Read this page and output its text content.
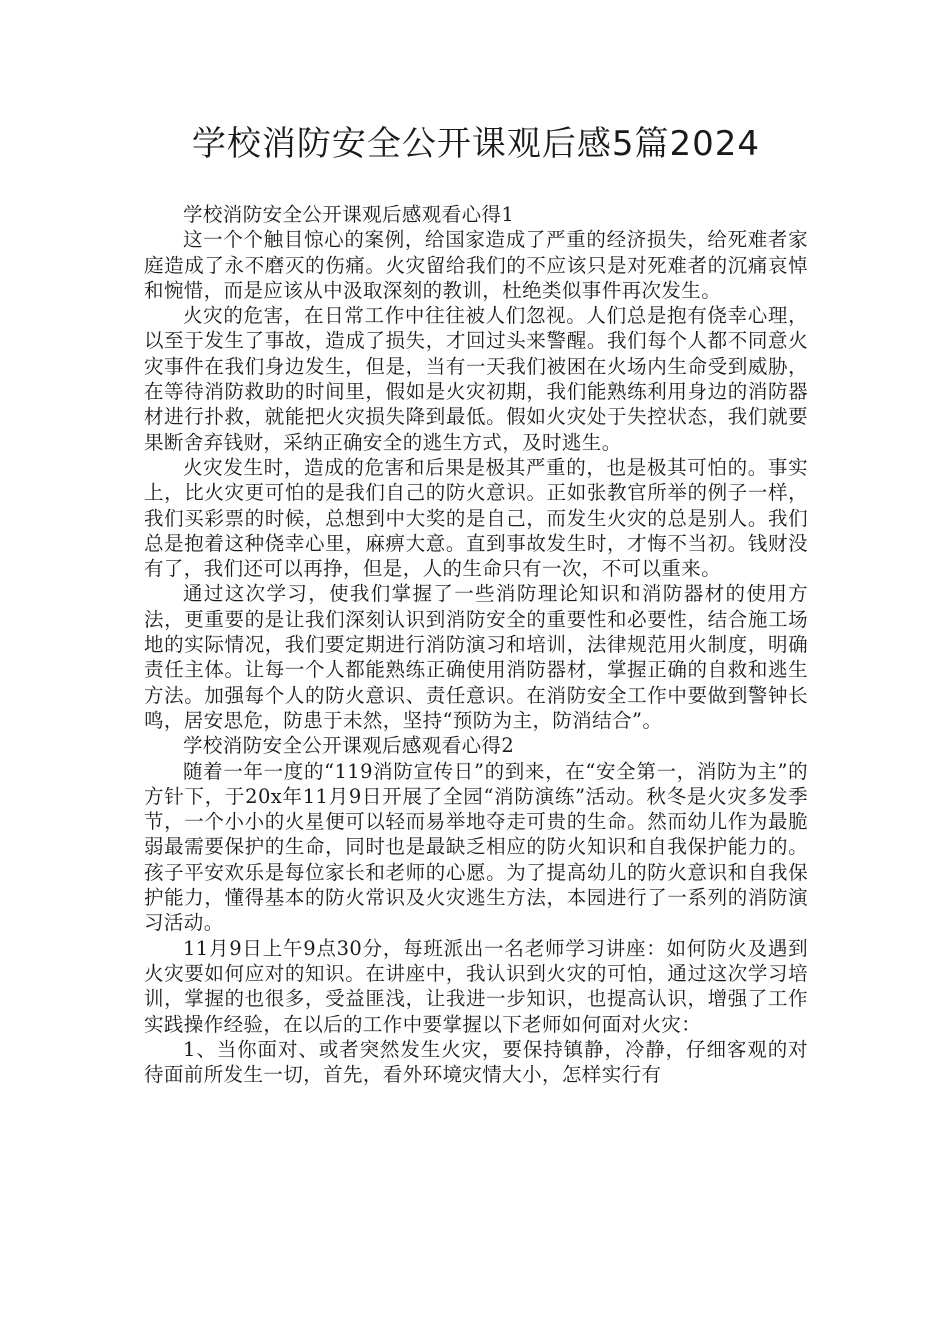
学校消防安全公开课观后感5篇2024

学校消防安全公开课观后感观看心得1

这一个个触目惊心的案例，给国家造成了严重的经济损失，给死难者家庭造成了永不磨灭的伤痛。火灾留给我们的不应该只是对死难者的沉痛哀悼和惋惜，而是应该从中汲取深刻的教训，杜绝类似事件再次发生。

火灾的危害，在日常工作中往往被人们忽视。人们总是抱有侥幸心理，以至于发生了事故，造成了损失，才回过头来警醒。我们每个人都不同意火灾事件在我们身边发生，但是，当有一天我们被困在火场内生命受到威胁，在等待消防救助的时间里，假如是火灾初期，我们能熟练利用身边的消防器材进行扑救，就能把火灾损失降到最低。假如火灾处于失控状态，我们就要果断舍弃钱财，采纳正确安全的逃生方式，及时逃生。

火灾发生时，造成的危害和后果是极其严重的，也是极其可怕的。事实上，比火灾更可怕的是我们自己的防火意识。正如张教官所举的例子一样，我们买彩票的时候，总想到中大奖的是自己，而发生火灾的总是别人。我们总是抱着这种侥幸心里，麻痹大意。直到事故发生时，才悔不当初。钱财没有了，我们还可以再挣，但是，人的生命只有一次，不可以重来。

通过这次学习，使我们掌握了一些消防理论知识和消防器材的使用方法，更重要的是让我们深刻认识到消防安全的重要性和必要性，结合施工场地的实际情况，我们要定期进行消防演习和培训，法律规范用火制度，明确责任主体。让每一个人都能熟练正确使用消防器材，掌握正确的自救和逃生方法。加强每个人的防火意识、责任意识。在消防安全工作中要做到警钟长鸣，居安思危，防患于未然，坚持“预防为主，防消结合”。

学校消防安全公开课观后感观看心得2

随着一年一度的“119消防宣传日”的到来，在“安全第一，消防为主”的方针下，于20x年11月9日开展了全园“消防演练”活动。秋冬是火灾多发季节，一个小小的火星便可以轻而易举地夺走可贵的生命。然而幼儿作为最脆弱最需要保护的生命，同时也是最缺乏相应的防火知识和自我保护能力的。孩子平安欢乐是每位家长和老师的心愿。为了提高幼儿的防火意识和自我保护能力，懂得基本的防火常识及火灾逃生方法，本园进行了一系列的消防演习活动。

11月9日上午9点30分，每班派出一名老师学习讲座：如何防火及遇到火灾要如何应对的知识。在讲座中，我认识到火灾的可怕，通过这次学习培训，掌握的也很多，受益匪浅，让我进一步知识，也提高认识，增强了工作实践操作经验，在以后的工作中要掌握以下老师如何面对火灾：

1、当你面对、或者突然发生火灾，要保持镇静，冷静，仔细客观的对待面前所发生一切，首先，看外环境灾情大小，怎样实行有
